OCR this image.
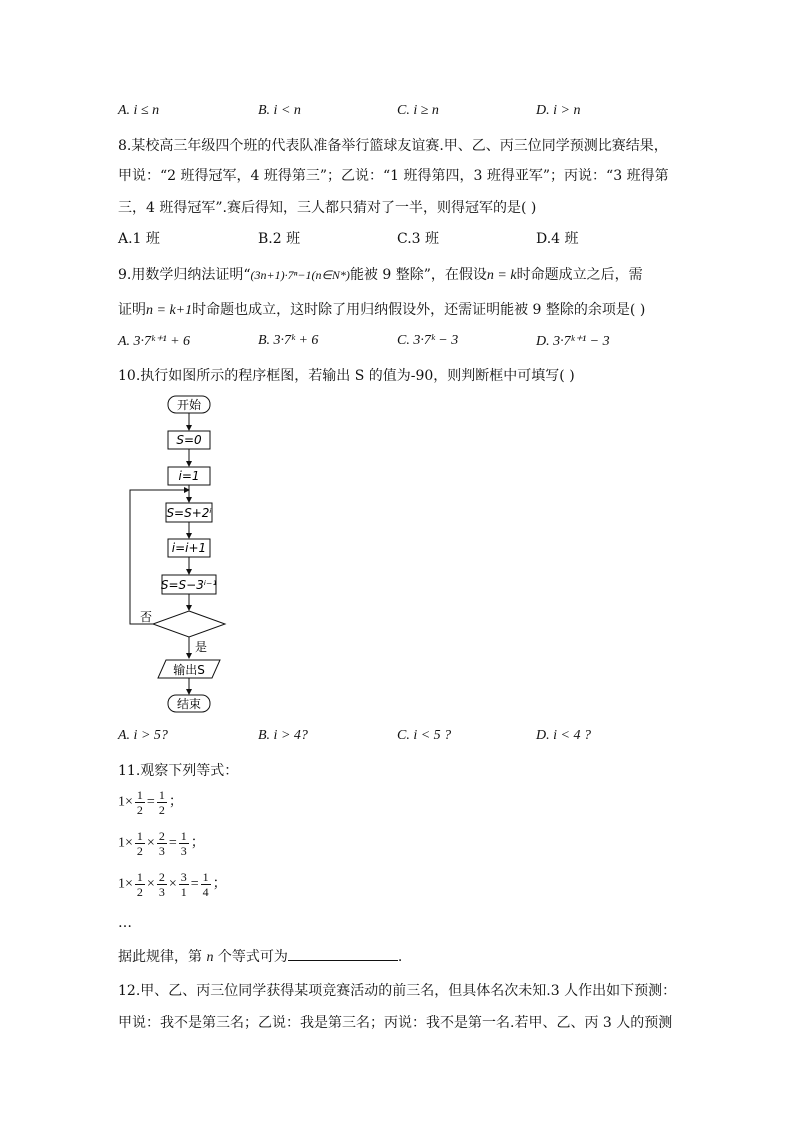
A. i ≤ n	B. i < n	C. i ≥ n	D. i > n
8.某校高三年级四个班的代表队准备举行篮球友谊赛.甲、乙、丙三位同学预测比赛结果，
甲说：“2 班得冠军，4 班得第三”；乙说：“1 班得第四，3 班得亚军”；丙说：“3 班得第
三，4 班得冠军”.赛后得知，三人都只猜对了一半，则得冠军的是( )
A.1 班	B.2 班	C.3 班	D.4 班
9.用数学归纳法证明“(3n+1)·7ⁿ−1(n∈N*)能被 9 整除”，在假设n = k时命题成立之后，需
证明n = k+1时命题也成立，这时除了用归纳假设外，还需证明能被 9 整除的余项是( )
A. 3·7ᵏ⁺¹ + 6	B. 3·7ᵏ + 6	C. 3·7ᵏ − 3	D. 3·7ᵏ⁺¹ − 3
10.执行如图所示的程序框图，若输出 S 的值为-90，则判断框中可填写( )
开始
S=0
i=1
S=S+2ⁱ
i=i+1
S=S−3ⁱ⁻¹
否
是
输出S
结束
A. i > 5?	B. i > 4?	C. i < 5 ?	D. i < 4 ?
11.观察下列等式：
$1\times \frac{1}{2} = \frac{1}{2}$ ；
$1\times \frac{1}{2} \times \frac{2}{3} = \frac{1}{3}$ ；
$1\times \frac{1}{2} \times \frac{2}{3} \times \frac{3}{1} = \frac{1}{4}$ ；
…
据此规律，第 n 个等式可为	.
12.甲、乙、丙三位同学获得某项竞赛活动的前三名，但具体名次未知.3 人作出如下预测：
甲说：我不是第三名；乙说：我是第三名；丙说：我不是第一名.若甲、乙、丙 3 人的预测
